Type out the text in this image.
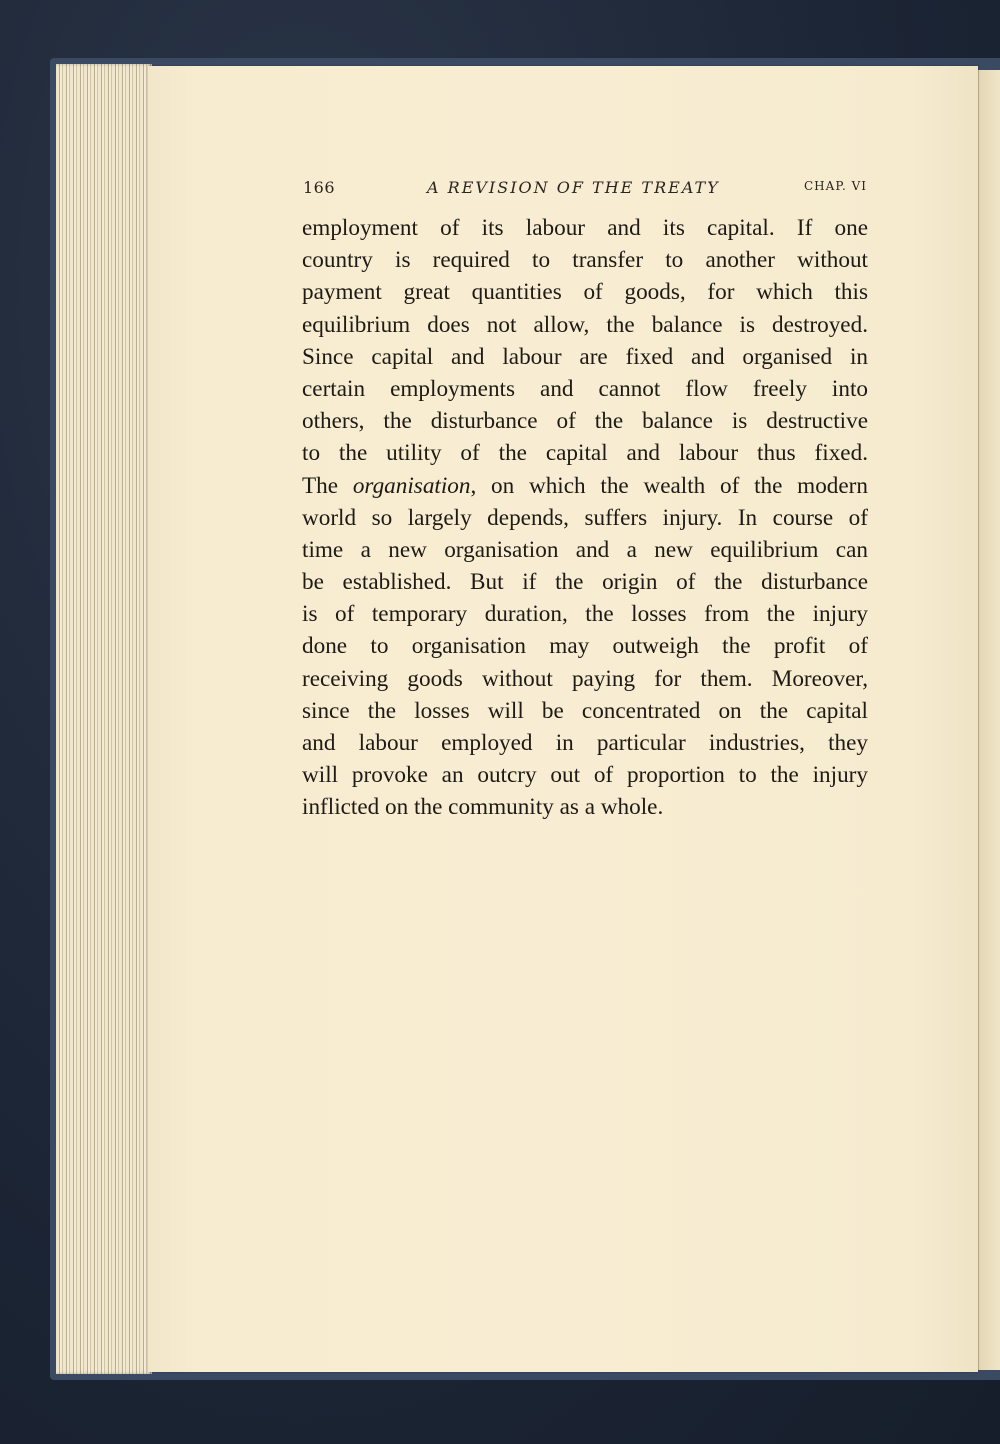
166	A REVISION OF THE TREATY	CHAP. VI
employment of its labour and its capital. If one
country is required to transfer to another without
payment great quantities of goods, for which this
equilibrium does not allow, the balance is destroyed.
Since capital and labour are fixed and organised in
certain employments and cannot flow freely into
others, the disturbance of the balance is destructive
to the utility of the capital and labour thus fixed.
The organisation, on which the wealth of the modern
world so largely depends, suffers injury. In course of
time a new organisation and a new equilibrium can
be established. But if the origin of the disturbance
is of temporary duration, the losses from the injury
done to organisation may outweigh the profit of
receiving goods without paying for them. Moreover,
since the losses will be concentrated on the capital
and labour employed in particular industries, they
will provoke an outcry out of proportion to the injury
inflicted on the community as a whole.
